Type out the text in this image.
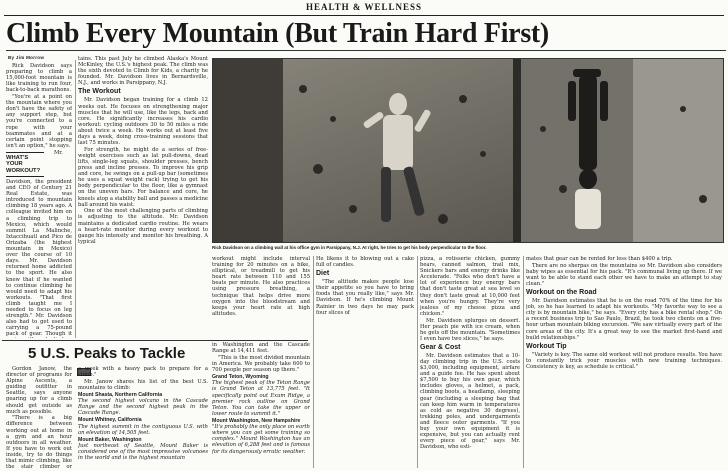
HEALTH & WELLNESS
Climb Every Mountain (But Train Hard First)
By Jim Morrow

Rick Davidson says preparing to climb a 15,000-foot mountain is like training to run four, back-to-back marathons.

"You're at a point on the mountain where you don't have the safety of any support step, but you're connected to a rope with your teammates and at a certain point stopping isn't an option," he says.

WHAT'S YOUR WORKOUT?

Mr. Davidson, the president and CEO of Century 21 Real Estate, was introduced to mountain climbing 18 years ago. A colleague invited him on a climbing trip to Mexico, which would summit La Malinche, Ixtaccihuatl and Pico de Orizaba (the highest mountain in Mexico) over the course of 10 days. Mr. Davidson returned home addicted to the sport. He also knew that if he wanted to continue climbing he would need to adapt his workouts. "That first climb taught me I needed to focus on leg strength." Mr. Davidson also had to get used to carrying a 75-pound pack of gear. Though it

tains. This past July he climbed Alaska's Mount McKinley, the U.S.'s highest peak. The climb was the sixth devoted to Climb for Kids, a charity he founded. Mr. Davidson lives in Bernardsville, N.J., and works in Parsippany, N.J.

The Workout

Mr. Davidson began training for a climb 12 weeks out. He focuses on strengthening major muscles that he will use, like the legs, back and core. He significantly increases his cardio workout: cycling outdoors 30 to 50 miles a ride about twice a week. He works out at least five days a week, doing cross-training sessions that last 75 minutes.

For strength, he might do a series of free-weight exercises such as lat pull-downs, dead lifts, single-leg squats, shoulder presses, bench press and incline presses. To improve his grip and core, he swings on a pull-up bar (sometimes he uses a squat weight rack) trying to get his body perpendicular to the floor, like a gymnast on the uneven bars. For balance and core, he kneels atop a stability ball and passes a medicine ball around his waist.

One of the most challenging parts of climbing is adjusting to the altitude. Mr. Davidson maintains a dedicated cardio routine. He wears a heart-rate monitor during every workout to gauge his intensity and monitor his breathing. A typical

Rick Davidson on a climbing wall at his office gym in Parsippany, N.J. At right, he tries to get his body perpendicular to the floor.

workout might include interval training for 20 minutes on a bike, elliptical, or treadmill to get his heart rate between 110 and 155 beats per minute. He also practices using pressure breathing, a technique that helps drive more oxygen into the bloodstream and keeps your heart rate at high altitudes.

He likens it to blowing out a cake full of candles.

Diet

"The altitude makes people lose their appetite so you have to bring foods that you really like," says Mr. Davidson. If he's climbing Mount Rainier in two days he may pack four slices of

pizza, a rotisserie chicken, gummy bears, canned salmon, trail mix, Snickers bars and energy drinks like Accelerade. "Folks who don't have a lot of experience buy energy bars that don't taste great at sea level so they don't taste great at 10,000 feet when you're hungry. They're very jealous of my cheese pizza and chicken."

Mr. Davidson splurges on dessert. Her peach pie with ice cream, when he gets off the mountain. "Sometimes I even have two slices," he says.

Gear & Cost

Mr. Davidson estimates that a 10-day climbing trip in the U.S. costs $3,000, including equipment, airfare and a guide fee. He has spent about $7,500 to buy his own gear, which includes gloves, a helmet, a pack, climbing boots, a headlamp, sleeping gear (including a sleeping bag that can keep him warm in temperatures as cold as negative 30 degrees), trekking poles, and undergarments and fleece outer garments. "If you buy your own equipment it is expensive, but you can actually rent every piece of gear," says Mr. Davidson, who esti-

mates that gear can be rented for less than $400 a trip.

There are no sherpas on the mountains so Mr. Davidson also considers baby wipes as essential for his pack. "It's communal living up there. If we want to be able to stand each other we have to make an attempt to stay clean."

Workout on the Road

Mr. Davidson estimates that he is on the road 70% of the time for his job, so he has learned to adapt his workouts. "My favorite way to see a city is by mountain bike," he says. "Every city has a bike rental shop." On a recent business trip to Sao Paulo, Brazil, he took two clients on a five-hour urban mountain biking excursion. "We saw virtually every part of the core areas of the city. It's a great way to see the market first-hand and build relationships."

Workout Tip

"Variety is key. The same old workout will not produce results. You have to constantly trick your muscles with new training techniques. Consistency is key, as schedule is critical."

5 U.S. Peaks to Tackle

Gordon Janow, the director of programs for Alpine Ascents, a guiding outfitter in Seattle, says anyone gearing up for a climb should get outside as much as possible.

"There is a big difference between working out at home in a gym and an hour outdoors in all weather. If you have to work out inside, try to do things that mimic climbing, like the stair climber or

a week with a heavy pack to prepare for a climb."

Mr. Janow shares his list of the best U.S. mountains to climb:

Mount Shasta, Northern California

The second highest volcano in the Cascade Range and the second highest peak in the Cascade Range.

Mount Whitney, California

The highest summit in the contiguous U.S. with an elevation of 14,505 feet.

Mount Baker, Washington

Just northeast of Seattle, Mount Baker is considered one of the most impressive volcanoes in the world and is the highest mountain

in Washington and the Cascade Range at 14,411 feet.

"This is the most divided mountain in America. We probably take 600 to 700 people per season up there."

Grand Teton, Wyoming

The highest peak of the Teton Range is Grand Teton at 13,775 feet. "It specifically point out Exum Ridge, a premier rock outline on Grand Teton. You can take the upper or lower route to summit it."

Mount Washington, New Hampshire

"It's probably the only place on earth where you can get some training so complex." Mount Washington has an elevation of 6,288 feet and is famous for its dangerously erratic weather.
